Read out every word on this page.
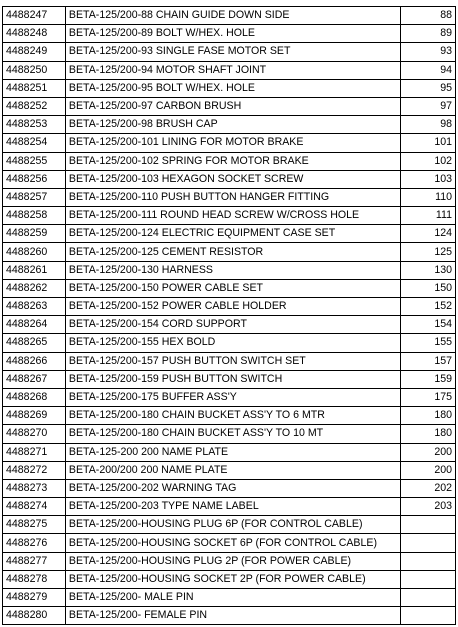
4488247	BETA-125/200-88 CHAIN GUIDE DOWN SIDE	88
4488248	BETA-125/200-89 BOLT W/HEX. HOLE	89
4488249	BETA-125/200-93 SINGLE FASE MOTOR SET	93
4488250	BETA-125/200-94 MOTOR SHAFT JOINT	94
4488251	BETA-125/200-95 BOLT W/HEX. HOLE	95
4488252	BETA-125/200-97 CARBON BRUSH	97
4488253	BETA-125/200-98 BRUSH CAP	98
4488254	BETA-125/200-101 LINING FOR MOTOR BRAKE	101
4488255	BETA-125/200-102 SPRING FOR MOTOR BRAKE	102
4488256	BETA-125/200-103 HEXAGON SOCKET SCREW	103
4488257	BETA-125/200-110 PUSH BUTTON HANGER FITTING	110
4488258	BETA-125/200-111 ROUND HEAD SCREW W/CROSS HOLE	111
4488259	BETA-125/200-124 ELECTRIC EQUIPMENT CASE SET	124
4488260	BETA-125/200-125 CEMENT RESISTOR	125
4488261	BETA-125/200-130 HARNESS	130
4488262	BETA-125/200-150 POWER CABLE SET	150
4488263	BETA-125/200-152 POWER CABLE HOLDER	152
4488264	BETA-125/200-154 CORD SUPPORT	154
4488265	BETA-125/200-155 HEX BOLD	155
4488266	BETA-125/200-157 PUSH BUTTON SWITCH SET	157
4488267	BETA-125/200-159 PUSH BUTTON SWITCH	159
4488268	BETA-125/200-175 BUFFER ASS'Y	175
4488269	BETA-125/200-180 CHAIN BUCKET ASS'Y TO 6 MTR	180
4488270	BETA-125/200-180 CHAIN BUCKET ASS'Y TO 10 MT	180
4488271	BETA-125-200 200 NAME PLATE	200
4488272	BETA-200/200 200 NAME PLATE	200
4488273	BETA-125/200-202 WARNING TAG	202
4488274	BETA-125/200-203 TYPE NAME LABEL	203
4488275	BETA-125/200-HOUSING PLUG 6P (FOR CONTROL CABLE)	
4488276	BETA-125/200-HOUSING SOCKET 6P (FOR CONTROL CABLE)	
4488277	BETA-125/200-HOUSING PLUG 2P (FOR POWER CABLE)	
4488278	BETA-125/200-HOUSING SOCKET 2P (FOR POWER CABLE)	
4488279	BETA-125/200- MALE PIN	
4488280	BETA-125/200- FEMALE PIN	
